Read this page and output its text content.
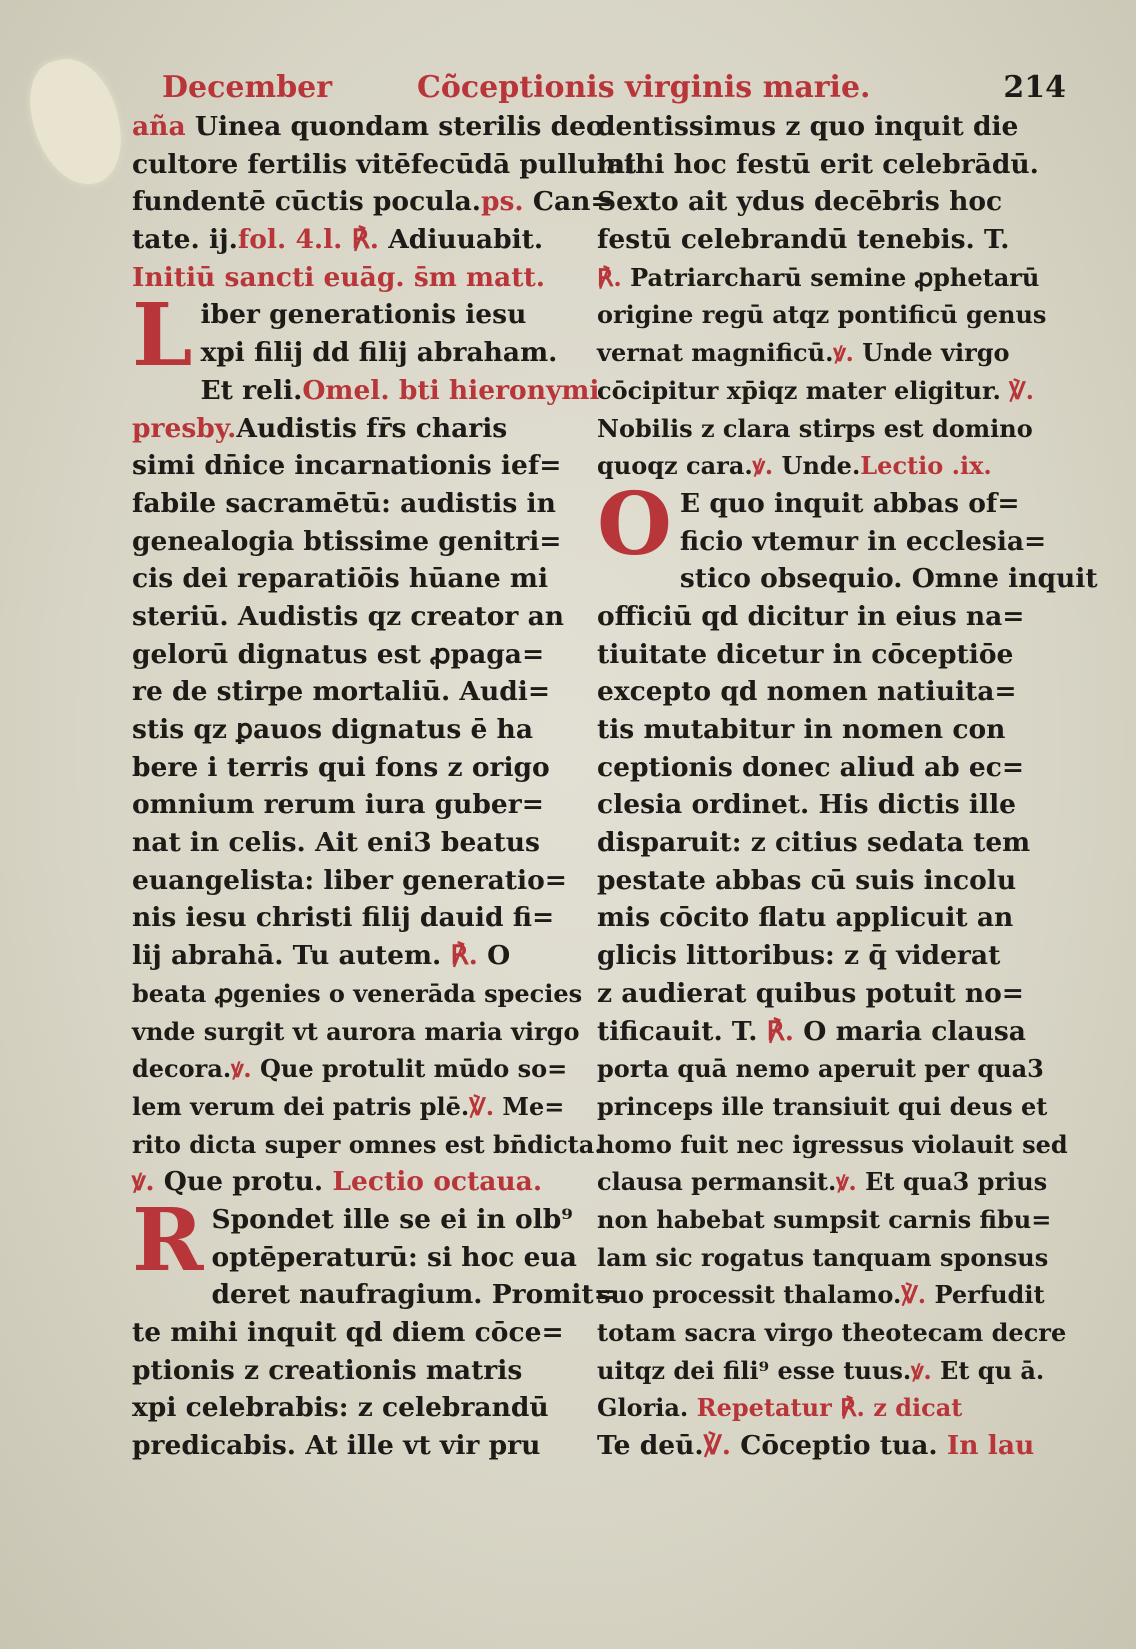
December	Cõceptionis virginis marie.	214
aña Uinea quondam sterilis deo
cultore fertilis vitēfecūdā pullulat
fundentē cūctis pocula.ps. Can=
tate. ij.fol. 4.l. ℟. Adiuuabit.
Initiū sancti euāg. s̄m matt.
Liber generationis iesu
xpi filij dd filij abraham.
Et reli.Omel. bti hieronymi
presby.Audistis fr̄s charis
simi dn̄ice incarnationis ief=
fabile sacramētū: audistis in
genealogia btissime genitri=
cis dei reparatiōis hūane mi
steriū. Audistis qz creator an
gelorū dignatus est ꝓpaga=
re de stirpe mortaliū. Audi=
stis qz ꝑauos dignatus ē ha
bere i terris qui fons z origo
omnium rerum iura guber=
nat in celis. Ait eni3 beatus
euangelista: liber generatio=
nis iesu christi filij dauid fi=
lij abrahā. Tu autem. ℟. O
beata ꝓgenies o venerāda species
vnde surgit vt aurora maria virgo
decora.ꝟ. Que protulit mūdo so=
lem verum dei patris plē.℣. Me=
rito dicta super omnes est bn̄dicta.
ꝟ. Que protu. Lectio octaua.
R Spondet ille se ei in olb⁹
optēperaturū: si hoc eua
deret naufragium. Promit=
te mihi inquit qd diem cōce=
ptionis z creationis matris
xpi celebrabis: z celebrandū
predicabis. At ille vt vir pru
dentissimus z quo inquit die
mihi hoc festū erit celebrādū.
Sexto ait ydus decēbris hoc
festū celebrandū tenebis. T.
℟. Patriarcharū semine ꝓphetarū
origine regū atqz pontificū genus
vernat magnificū.ꝟ. Unde virgo
cōcipitur xp̄iqz mater eligitur. ℣.
Nobilis z clara stirps est domino
quoqz cara.ꝟ. Unde.Lectio .ix.
O E quo inquit abbas of=
ficio vtemur in ecclesia=
stico obsequio. Omne inquit
officiū qd dicitur in eius na=
tiuitate dicetur in cōceptiōe
excepto qd nomen natiuita=
tis mutabitur in nomen con
ceptionis donec aliud ab ec=
clesia ordinet. His dictis ille
disparuit: z citius sedata tem
pestate abbas cū suis incolu
mis cōcito flatu applicuit an
glicis littoribus: z q̄ viderat
z audierat quibus potuit no=
tificauit. T. ℟. O maria clausa
porta quā nemo aperuit per qua3
princeps ille transiuit qui deus et
homo fuit nec igressus violauit sed
clausa permansit.ꝟ. Et qua3 prius
non habebat sumpsit carnis fibu=
lam sic rogatus tanquam sponsus
suo processit thalamo.℣. Perfudit
totam sacra virgo theotecam decre
uitqz dei fili⁹ esse tuus.ꝟ. Et qu ā.
Gloria. Repetatur ℟. z dicat
Te deū.℣. Cōceptio tua. In lau
